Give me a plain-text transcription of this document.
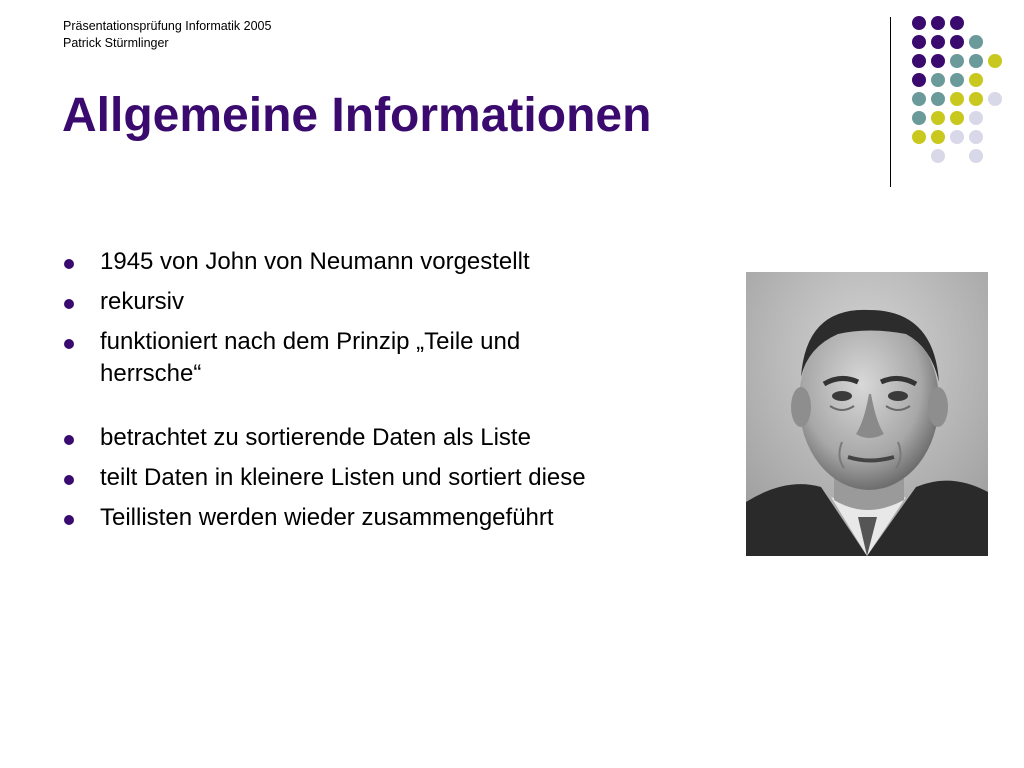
Präsentationsprüfung Informatik 2005
Patrick Stürmlinger
Allgemeine Informationen
1945 von John von Neumann vorgestellt
rekursiv
funktioniert nach dem Prinzip „Teile und herrsche“
betrachtet zu sortierende Daten als Liste
teilt Daten in kleinere Listen und sortiert diese
Teillisten werden wieder zusammengeführt
